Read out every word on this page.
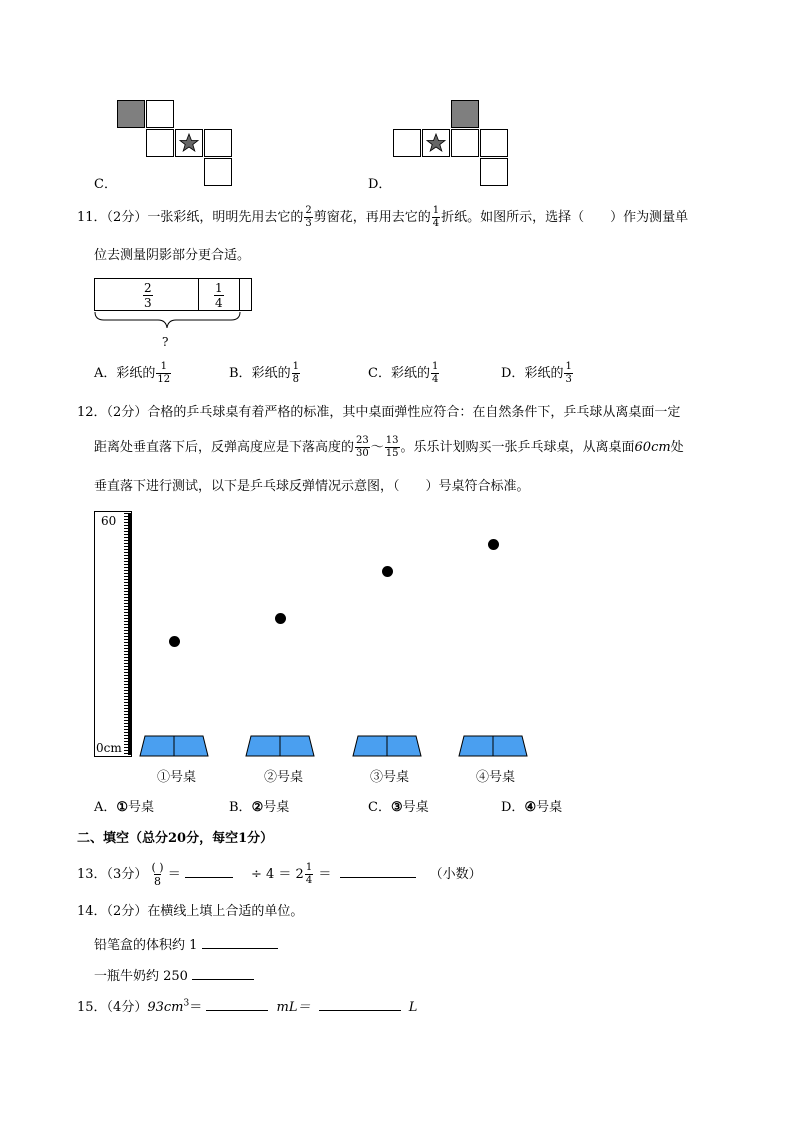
C．	D．
11．（2分）一张彩纸，明明先用去它的 $\frac{2}{3}$ 剪窗花，再用去它的 $\frac{1}{4}$ 折纸。如图所示，选择（　　）作为测量单
位去测量阴影部分更合适。
$\frac{2}{3}$	$\frac{1}{4}$
?
A．彩纸的 $\frac{1}{12}$	B．彩纸的 $\frac{1}{8}$	C．彩纸的 $\frac{1}{4}$	D．彩纸的 $\frac{1}{3}$
12．（2分）合格的乒乓球桌有着严格的标准，其中桌面弹性应符合：在自然条件下，乒乓球从离桌面一定
距离处垂直落下后，反弹高度应是下落高度的 $\frac{23}{30}$ ～ $\frac{13}{15}$ 。乐乐计划购买一张乒乓球桌，从离桌面60cm处
垂直落下进行测试，以下是乒乓球反弹情况示意图，（　　）号桌符合标准。
60
0cm
①号桌	②号桌	③号桌	④号桌
A．①号桌	B．②号桌	C．③号桌	D．④号桌
二、填空（总分20分，每空1分）
13．（3分） ( )
8 ＝	÷ $4 = 2 \frac{1}{4}$ ＝	（小数）
14．（2分）在横线上填上合适的单位。
铅笔盒的体积约 1
一瓶牛奶约 250
15．（4分）$93cm^3=$	mL＝	L
